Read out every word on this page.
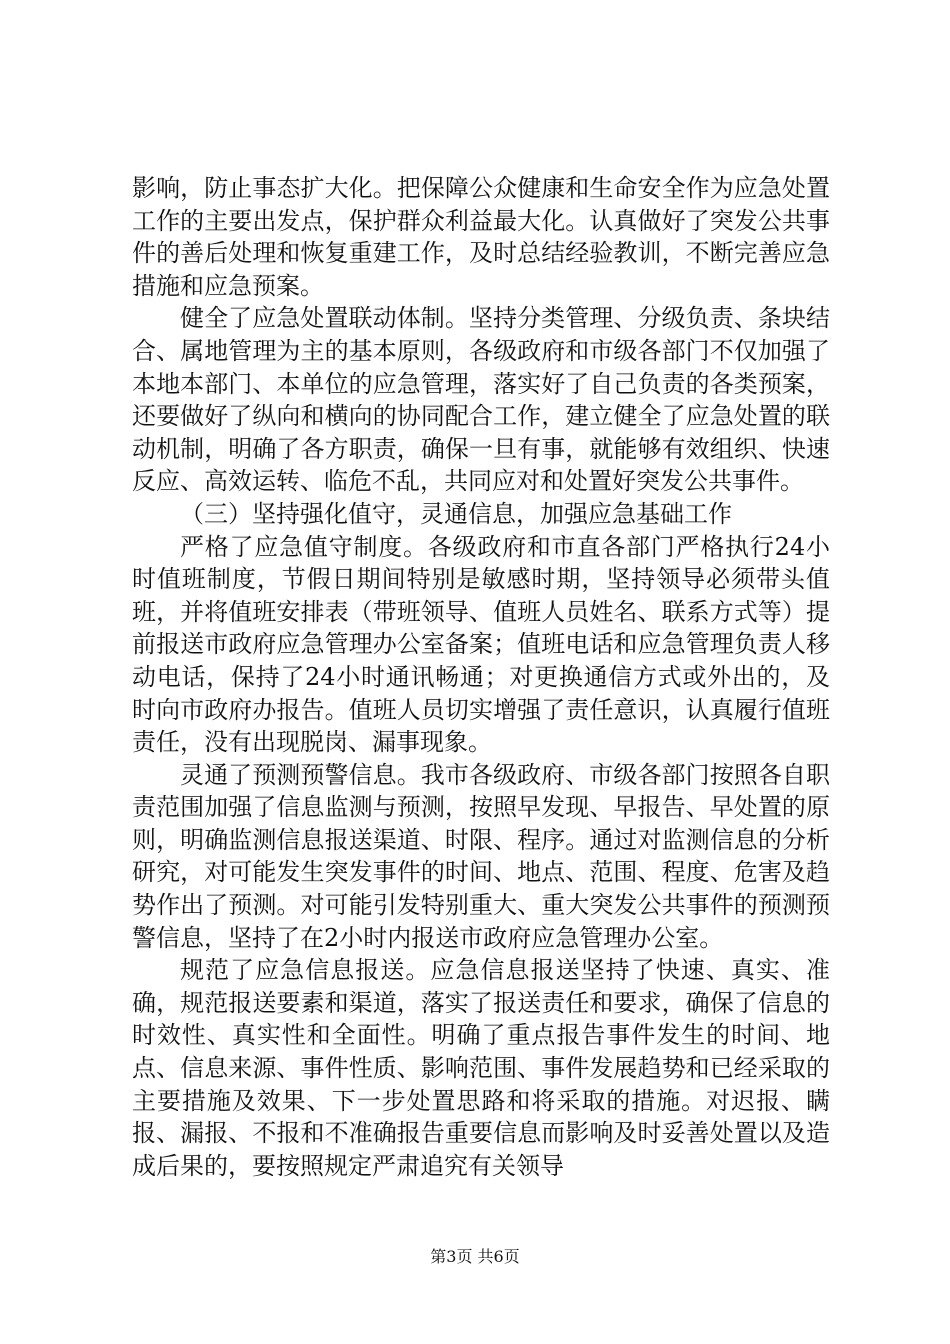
影响，防止事态扩大化。把保障公众健康和生命安全作为应急处置工作的主要出发点，保护群众利益最大化。认真做好了突发公共事件的善后处理和恢复重建工作，及时总结经验教训，不断完善应急措施和应急预案。

健全了应急处置联动体制。坚持分类管理、分级负责、条块结合、属地管理为主的基本原则，各级政府和市级各部门不仅加强了本地本部门、本单位的应急管理，落实好了自己负责的各类预案，还要做好了纵向和横向的协同配合工作，建立健全了应急处置的联动机制，明确了各方职责，确保一旦有事，就能够有效组织、快速反应、高效运转、临危不乱，共同应对和处置好突发公共事件。

（三）坚持强化值守，灵通信息，加强应急基础工作

严格了应急值守制度。各级政府和市直各部门严格执行24小时值班制度，节假日期间特别是敏感时期，坚持领导必须带头值班，并将值班安排表（带班领导、值班人员姓名、联系方式等）提前报送市政府应急管理办公室备案；值班电话和应急管理负责人移动电话，保持了24小时通讯畅通；对更换通信方式或外出的，及时向市政府办报告。值班人员切实增强了责任意识，认真履行值班责任，没有出现脱岗、漏事现象。

灵通了预测预警信息。我市各级政府、市级各部门按照各自职责范围加强了信息监测与预测，按照早发现、早报告、早处置的原则，明确监测信息报送渠道、时限、程序。通过对监测信息的分析研究，对可能发生突发事件的时间、地点、范围、程度、危害及趋势作出了预测。对可能引发特别重大、重大突发公共事件的预测预警信息，坚持了在2小时内报送市政府应急管理办公室。

规范了应急信息报送。应急信息报送坚持了快速、真实、准确，规范报送要素和渠道，落实了报送责任和要求，确保了信息的时效性、真实性和全面性。明确了重点报告事件发生的时间、地点、信息来源、事件性质、影响范围、事件发展趋势和已经采取的主要措施及效果、下一步处置思路和将采取的措施。对迟报、瞒报、漏报、不报和不准确报告重要信息而影响及时妥善处置以及造成后果的，要按照规定严肃追究有关领导

第3页 共6页
